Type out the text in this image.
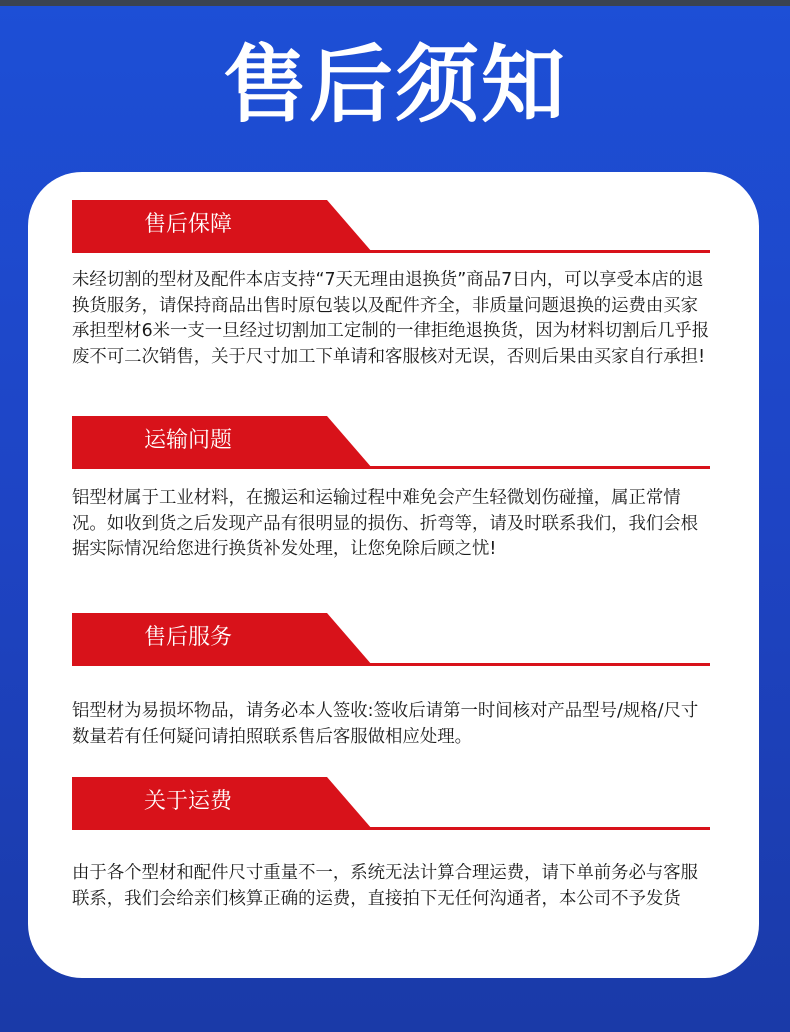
售后须知
售后保障
未经切割的型材及配件本店支持“7天无理由退换货”商品7日内，可以享受本店的退换货服务，请保持商品出售时原包装以及配件齐全，非质量问题退换的运费由买家承担型材6米一支一旦经过切割加工定制的一律拒绝退换货，因为材料切割后几乎报废不可二次销售，关于尺寸加工下单请和客服核对无误，否则后果由买家自行承担!
运输问题
铝型材属于工业材料，在搬运和运输过程中难免会产生轻微划伤碰撞，属正常情况。如收到货之后发现产品有很明显的损伤、折弯等，请及时联系我们，我们会根据实际情况给您进行换货补发处理，让您免除后顾之忧!
售后服务
铝型材为易损坏物品，请务必本人签收:签收后请第一时间核对产品型号/规格/尺寸数量若有任何疑问请拍照联系售后客服做相应处理。
关于运费
由于各个型材和配件尺寸重量不一，系统无法计算合理运费，请下单前务必与客服联系，我们会给亲们核算正确的运费，直接拍下无任何沟通者，本公司不予发货
